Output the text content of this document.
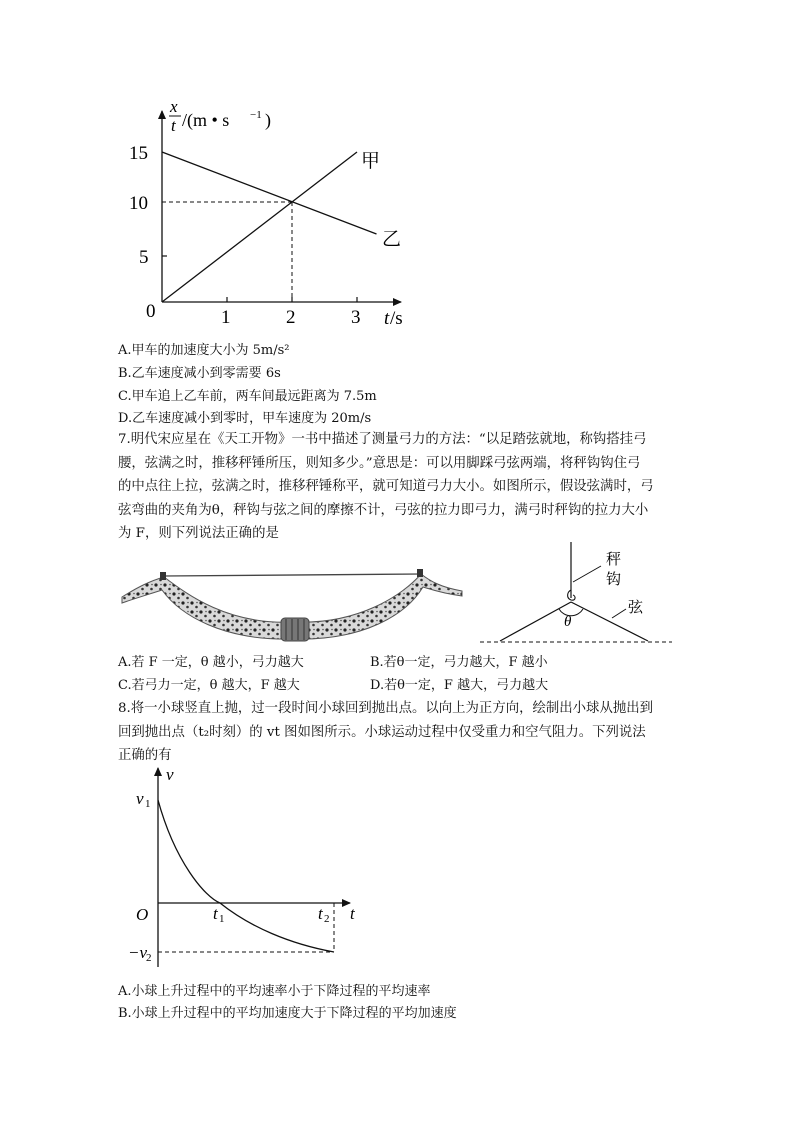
15
10
5
0	1	2	3
x
t /(m • s −1 )
t /s
甲
乙
A.甲车的加速度大小为 5m/s²
B.乙车速度减小到零需要 6s
C.甲车追上乙车前，两车间最远距离为 7.5m
D.乙车速度减小到零时，甲车速度为 20m/s
7.明代宋应星在《天工开物》一书中描述了测量弓力的方法：“以足踏弦就地，称钩搭挂弓
腰，弦满之时，推移秤锤所压，则知多少。”意思是：可以用脚踩弓弦两端，将秤钩钩住弓
的中点往上拉，弦满之时，推移秤锤称平，就可知道弓力大小。如图所示，假设弦满时，弓
弦弯曲的夹角为θ，秤钩与弦之间的摩擦不计，弓弦的拉力即弓力，满弓时秤钩的拉力大小
为 F，则下列说法正确的是
θ
秤
钩
弦
A.若 F 一定，θ 越小，弓力越大	B.若θ一定，弓力越大，F 越小
C.若弓力一定，θ 越大，F 越大	D.若θ一定，F 越大，弓力越大
8.将一小球竖直上抛，过一段时间小球回到抛出点。以向上为正方向，绘制出小球从抛出到
回到抛出点（t₂时刻）的 vt 图如图所示。小球运动过程中仅受重力和空气阻力。下列说法
正确的有
v
t
O
v 1
−v
2
t 1	t 2
A.小球上升过程中的平均速率小于下降过程的平均速率
B.小球上升过程中的平均加速度大于下降过程的平均加速度
